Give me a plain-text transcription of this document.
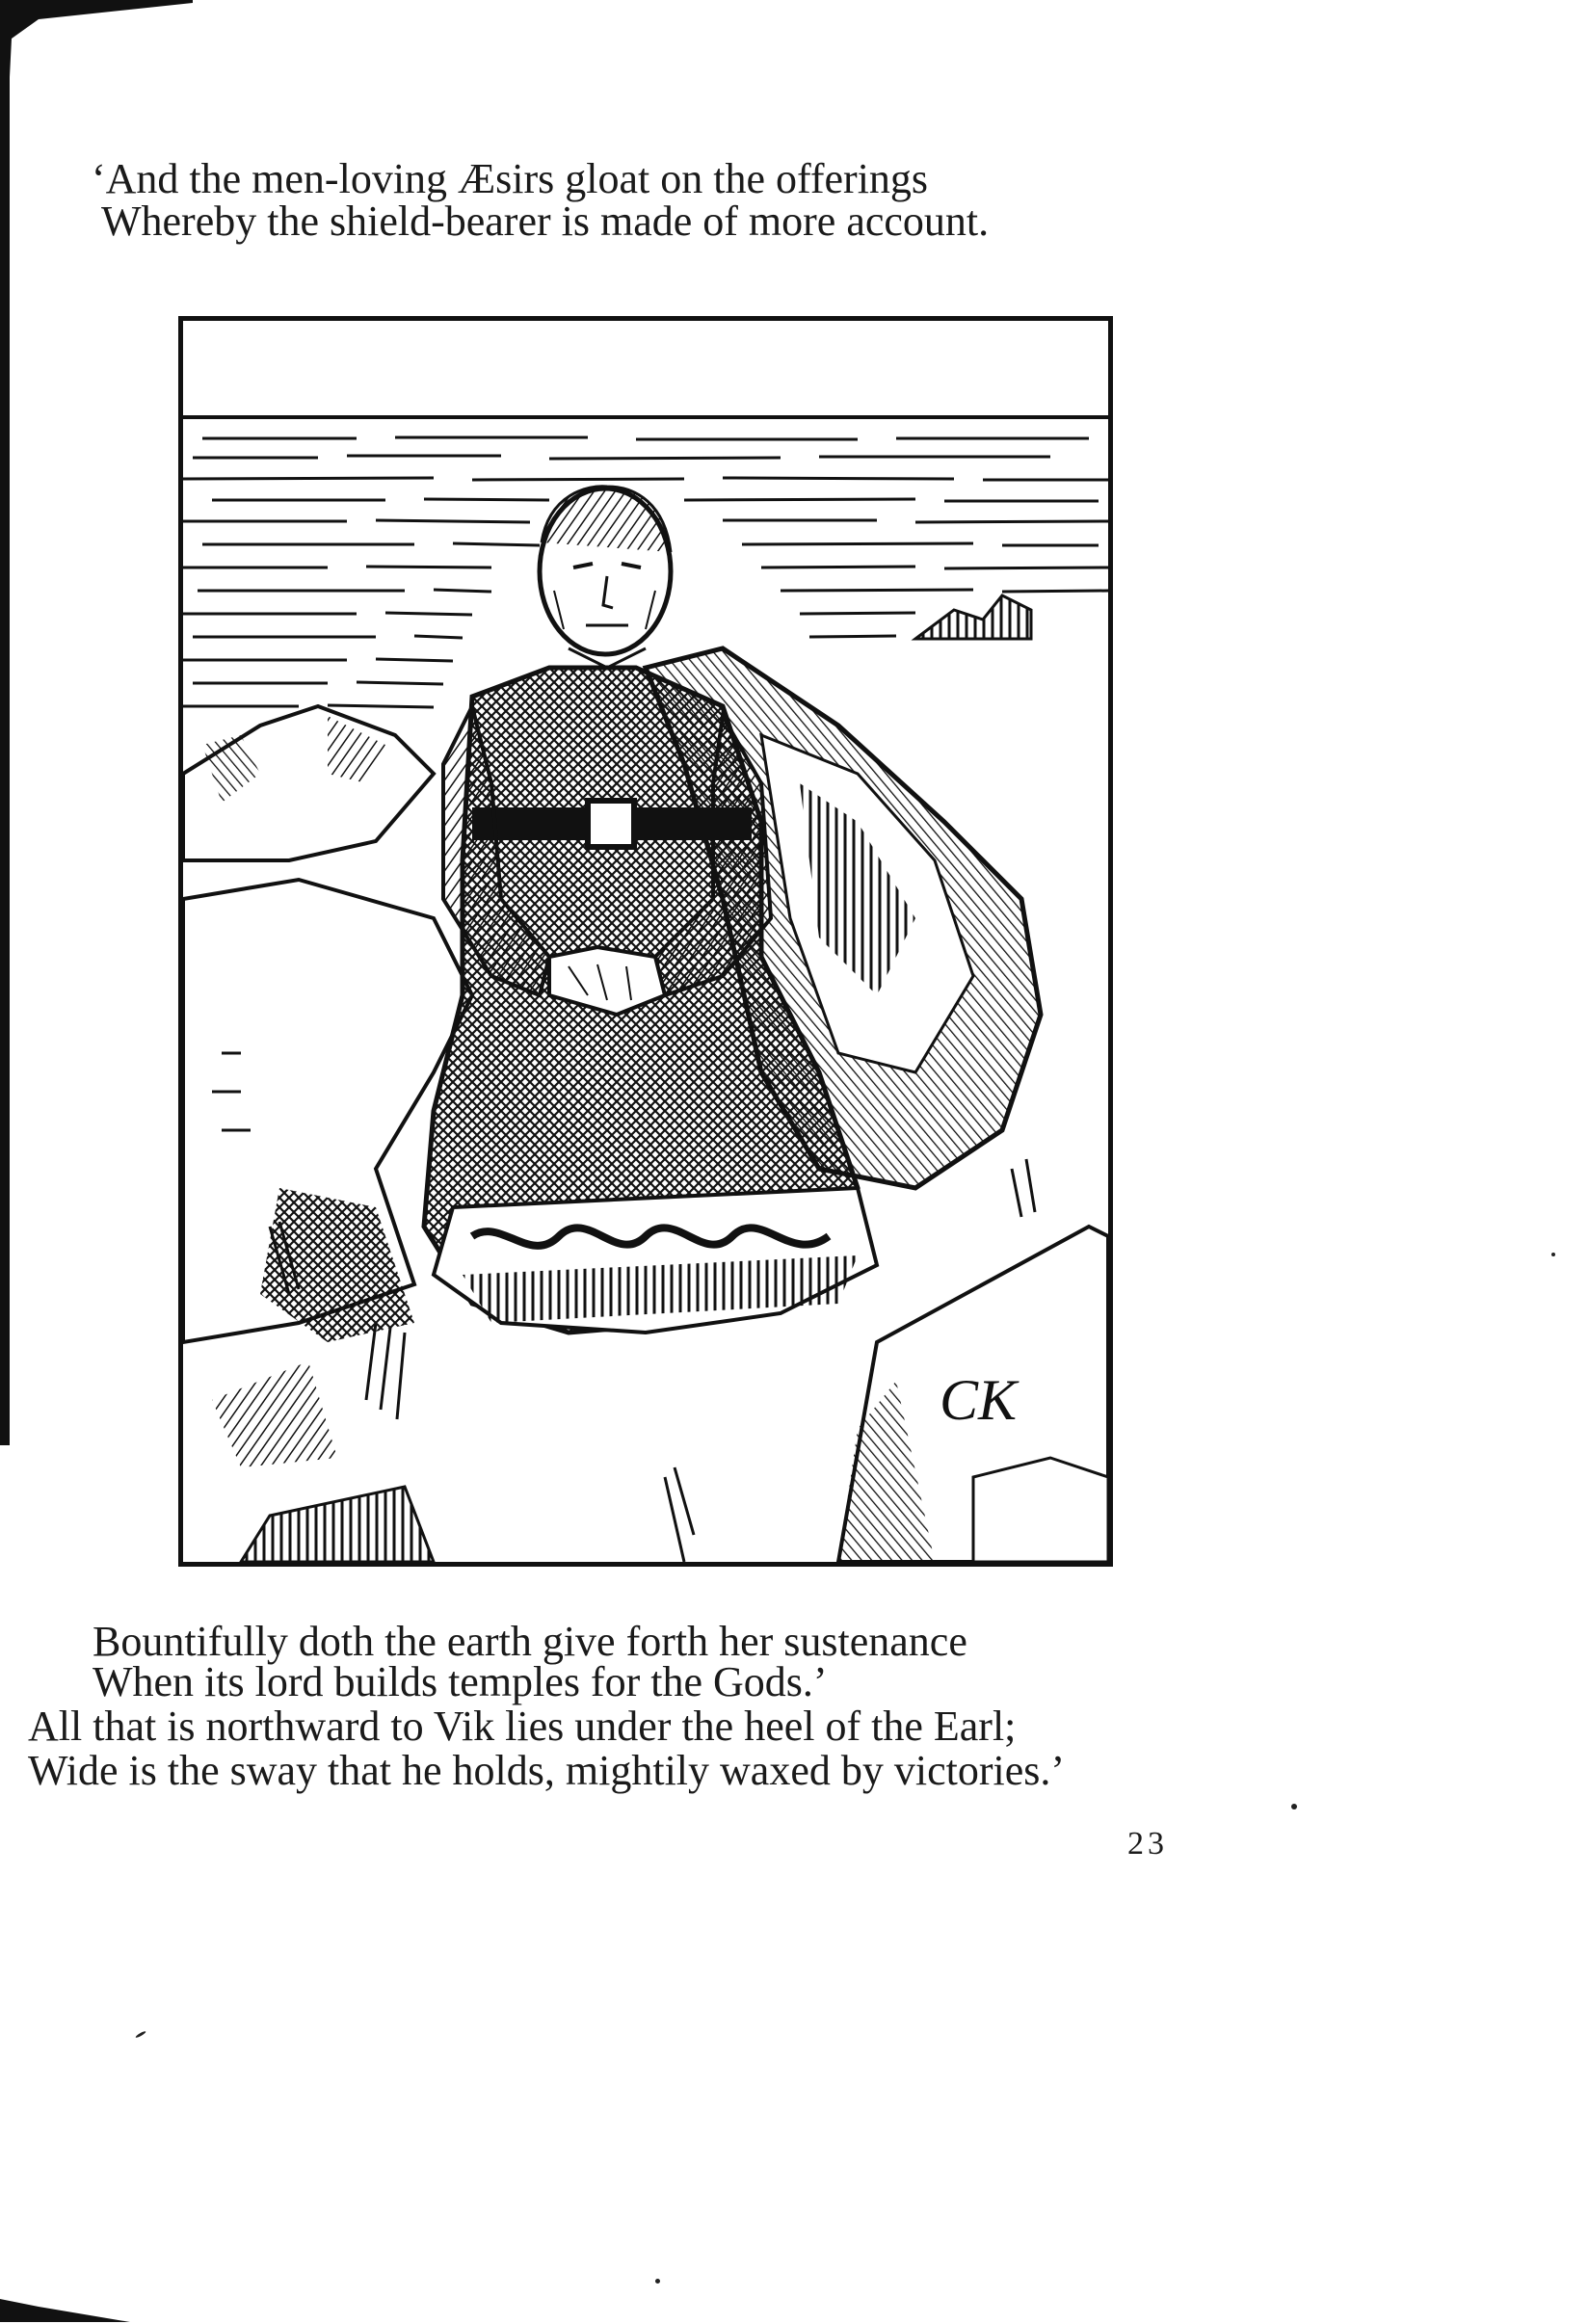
‘And the men-loving Æsirs gloat on the offerings
Whereby the shield-bearer is made of more account.

CK

Bountifully doth the earth give forth her sustenance
When its lord builds temples for the Gods.’
All that is northward to Vik lies under the heel of the Earl;
Wide is the sway that he holds, mightily waxed by victories.’

23
